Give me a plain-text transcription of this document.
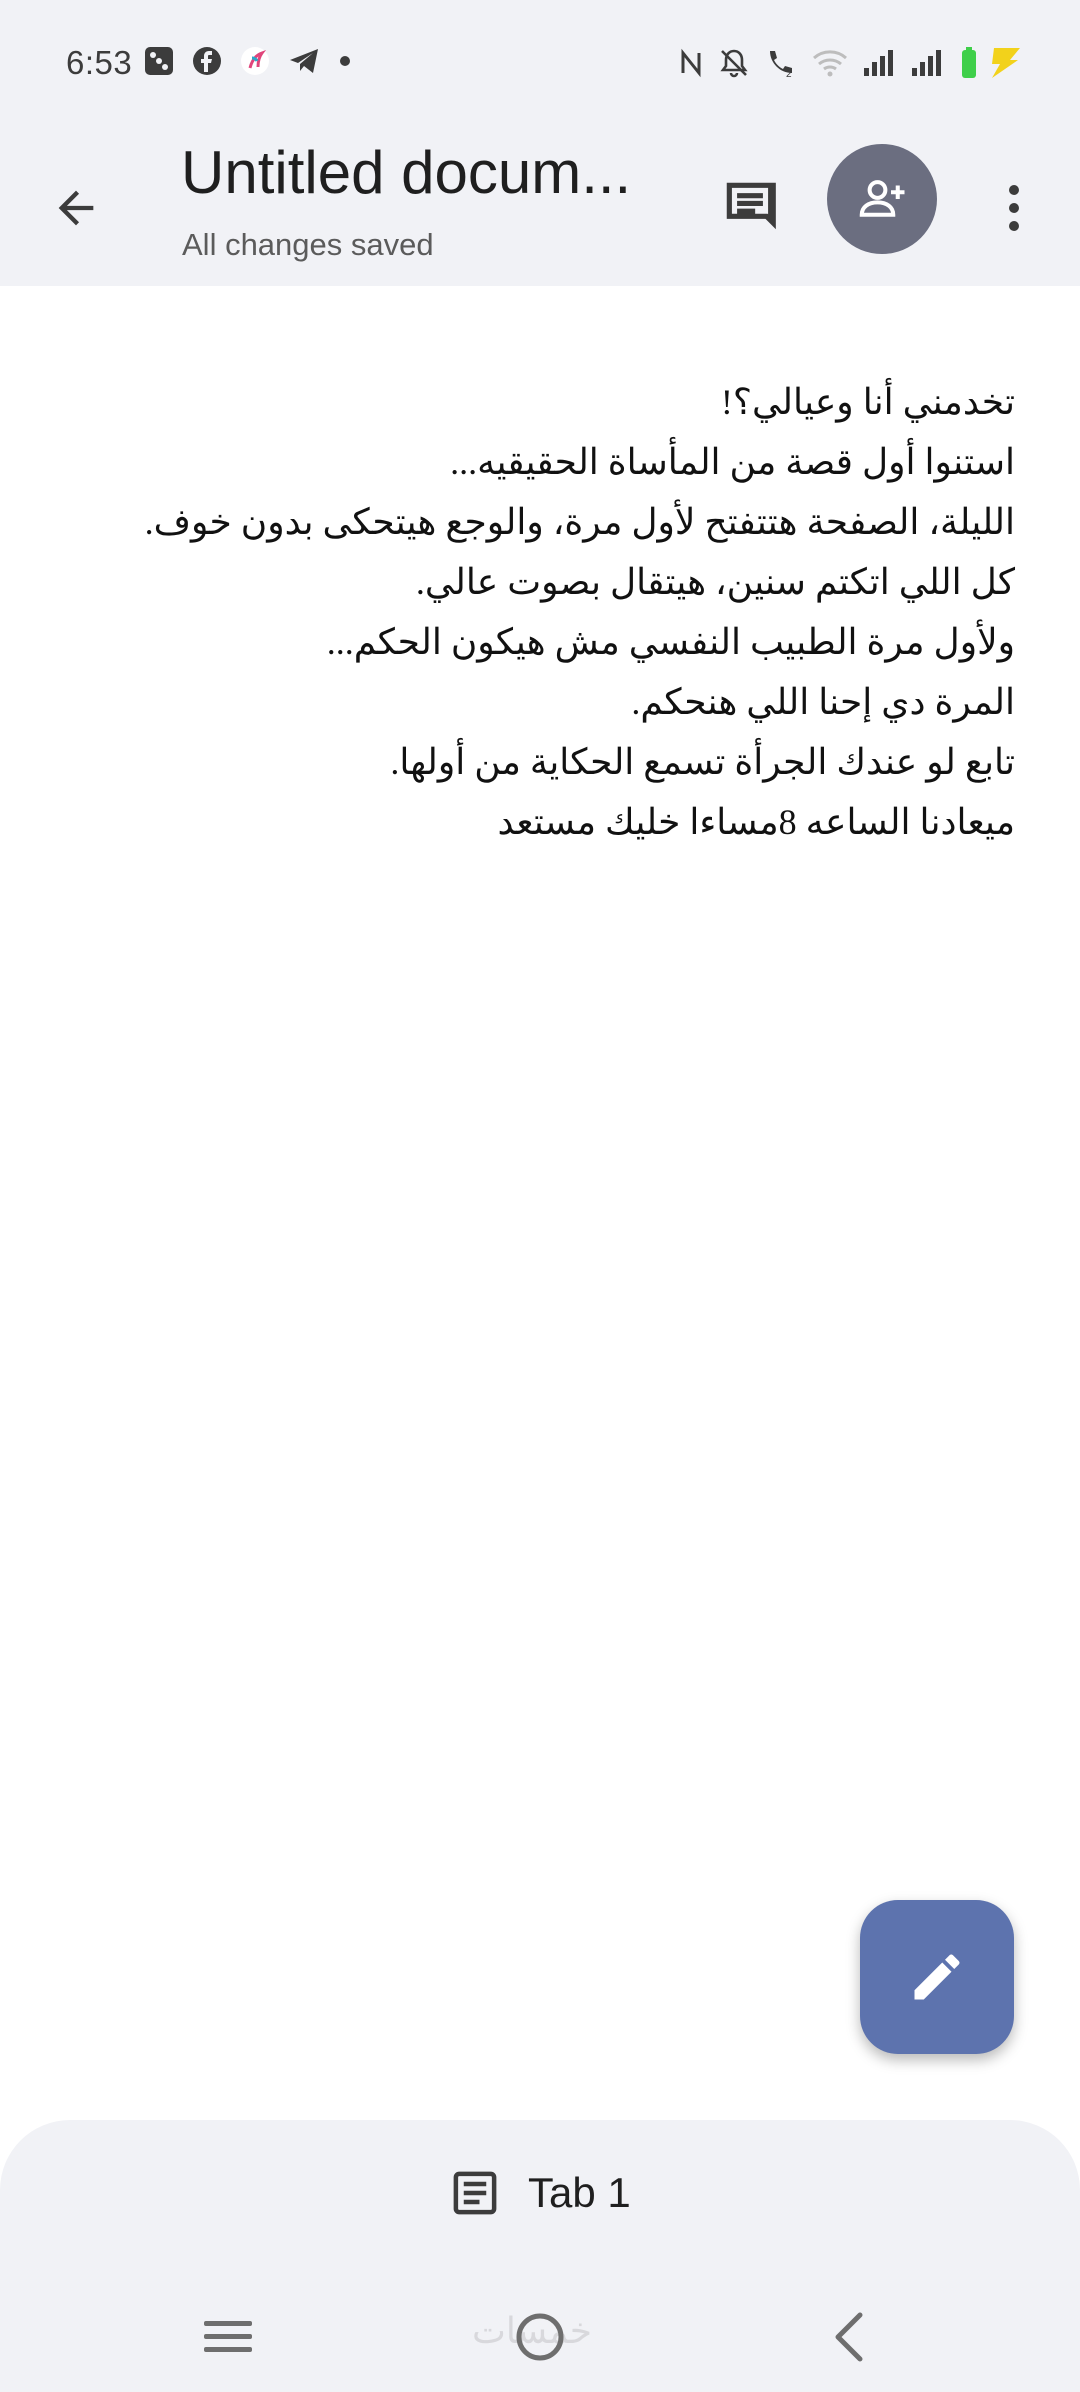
6:53	2
Untitled docum...
All changes saved
تخدمني أنا وعيالي؟!
استنوا أول قصة من المأساة الحقيقيه...
الليلة، الصفحة هتتفتح لأول مرة، والوجع هيتحكى بدون خوف.
كل اللي اتكتم سنين، هيتقال بصوت عالي.
ولأول مرة الطبيب النفسي مش هيكون الحكم...
المرة دي إحنا اللي هنحكم.
تابع لو عندك الجرأة تسمع الحكاية من أولها.
ميعادنا الساعه 8مساءا خليك مستعد
Tab 1
خمسات
